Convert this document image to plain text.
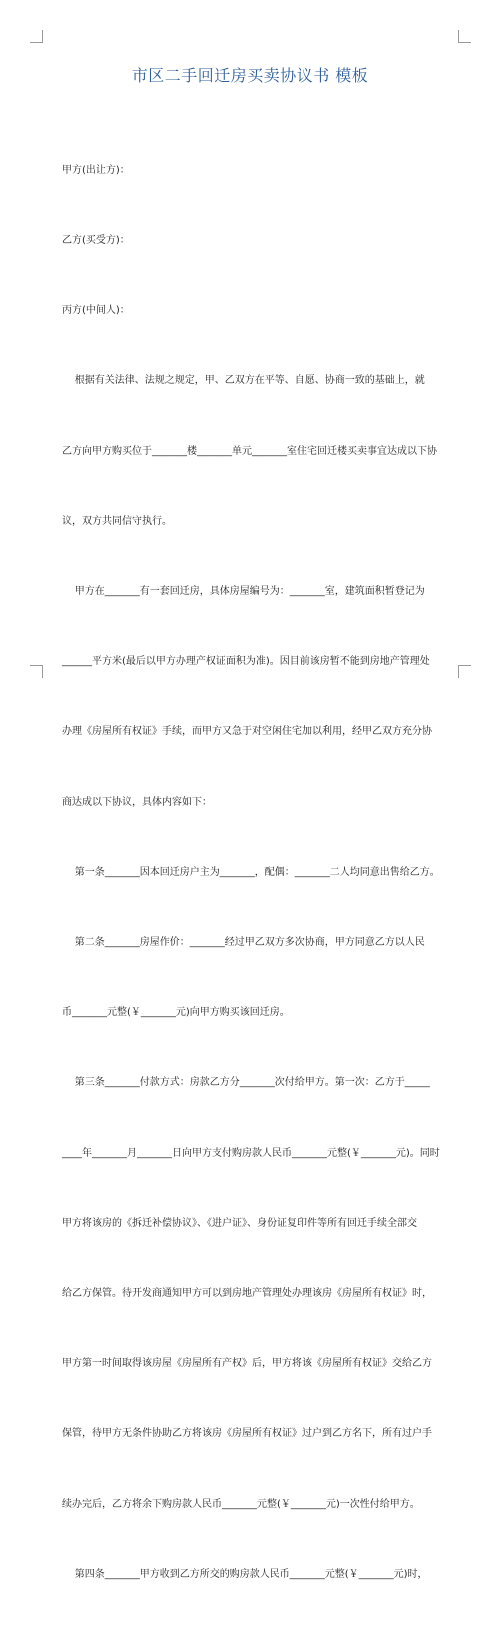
市区二手回迁房买卖协议书 模板

甲方(出让方)：

乙方(买受方)：

丙方(中间人)：

根据有关法律、法规之规定，甲、乙双方在平等、自愿、协商一致的基础上，就

乙方向甲方购买位于_______楼_______单元_______室住宅回迁楼买卖事宜达成以下协

议，双方共同信守执行。

甲方在_______有一套回迁房，具体房屋编号为：_______室，建筑面积暂登记为

______平方米(最后以甲方办理产权证面积为准)。因目前该房暂不能到房地产管理处

办理《房屋所有权证》手续，而甲方又急于对空闲住宅加以利用，经甲乙双方充分协

商达成以下协议，具体内容如下：

第一条_______因本回迁房户主为_______，配偶：_______二人均同意出售给乙方。

第二条_______房屋作价：_______经过甲乙双方多次协商，甲方同意乙方以人民

币_______元整(￥_______元)向甲方购买该回迁房。

第三条_______付款方式：房款乙方分_______次付给甲方。第一次：乙方于_____

____年_______月_______日向甲方支付购房款人民币_______元整(￥_______元)。同时

甲方将该房的《拆迁补偿协议》、《进户证》、身份证复印件等所有回迁手续全部交

给乙方保管。待开发商通知甲方可以到房地产管理处办理该房《房屋所有权证》时，

甲方第一时间取得该房屋《房屋所有产权》后，甲方将该《房屋所有权证》交给乙方

保管，待甲方无条件协助乙方将该房《房屋所有权证》过户到乙方名下，所有过户手

续办完后，乙方将余下购房款人民币_______元整(￥_______元)一次性付给甲方。

第四条_______甲方收到乙方所交的购房款人民币_______元整(￥_______元)时，
